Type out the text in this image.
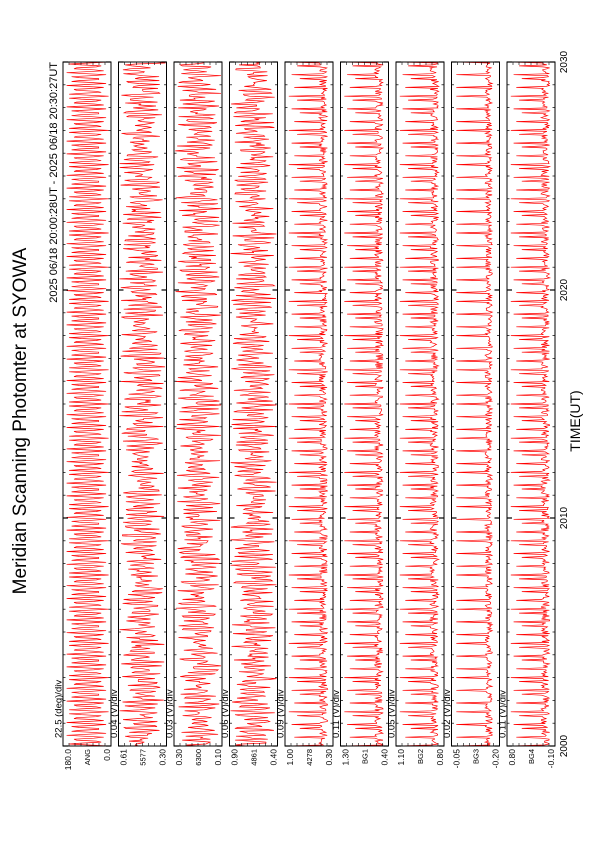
Meridian Scanning Photomter at SYOWA
2025 06/18 20:00:28UT - 2025 06/18 20:30:27UT
TIME(UT)
22.5 (deg)/div
180.0	0.0
ANG
0.04 (V)/div
0.61	0.30
5577
0.03 (V)/div
0.30	0.10
6300
0.06 (V)/div
0.90	0.40
4861
0.09 (V)/div
1.00	0.30
4278
0.11 (V)/div
1.30	0.40
BG1
0.05 (V)/div
1.10	0.80
BG2
0.02 (V)/div
-0.05	-0.20
BG3
0.11 (V)/div
0.80	-0.10
BG4 2000
2010
2020
2030
